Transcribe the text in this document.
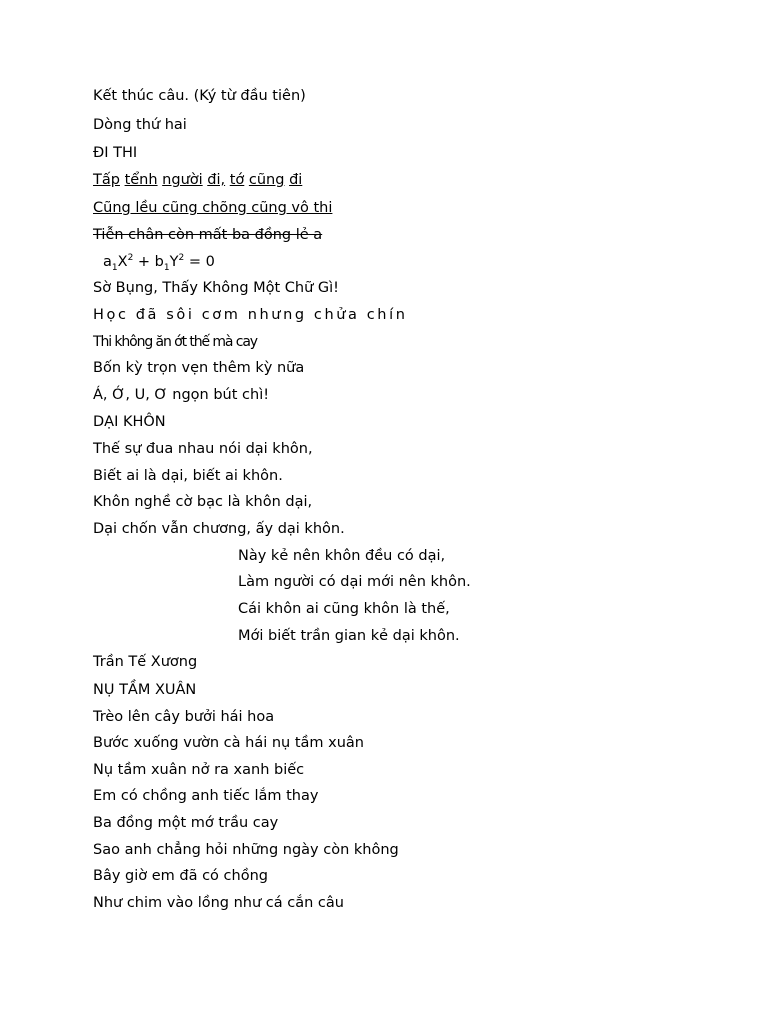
Kết thúc câu. (Ký từ đầu tiên)
Dòng thứ hai
ĐI THI
Tấp tểnh người đi, tớ cũng đi
Cũng lều cũng chõng cũng vô thi
Tiễn chân còn mất ba đồng lẻ a
$a_1X^2 + b_1Y^2 = 0$
Sờ Bụng, Thấy Không Một Chữ Gì!
Học đã sôi cơm nhưng chửa chín
Thi không ăn ớt thế mà cay
Bốn kỳ trọn vẹn thêm kỳ nữa
Á, Ớ, U, Ơ ngọn bút chì!
DẠI KHÔN
Thế sự đua nhau nói dại khôn,
Biết ai là dại, biết ai khôn.
Khôn nghề cờ bạc là khôn dại,
Dại chốn vẫn chương, ấy dại khôn.
Này kẻ nên khôn đều có dại,
Làm người có dại mới nên khôn.
Cái khôn ai cũng khôn là thế,
Mới biết trần gian kẻ dại khôn.
Trần Tế Xương
NỤ TẦM XUÂN
Trèo lên cây bưởi hái hoa
Bước xuống vườn cà hái nụ tầm xuân
Nụ tầm xuân nở ra xanh biếc
Em có chồng anh tiếc lắm thay
Ba đồng một mớ trầu cay
Sao anh chẳng hỏi những ngày còn không
Bây giờ em đã có chồng
Như chim vào lồng như cá cắn câu
